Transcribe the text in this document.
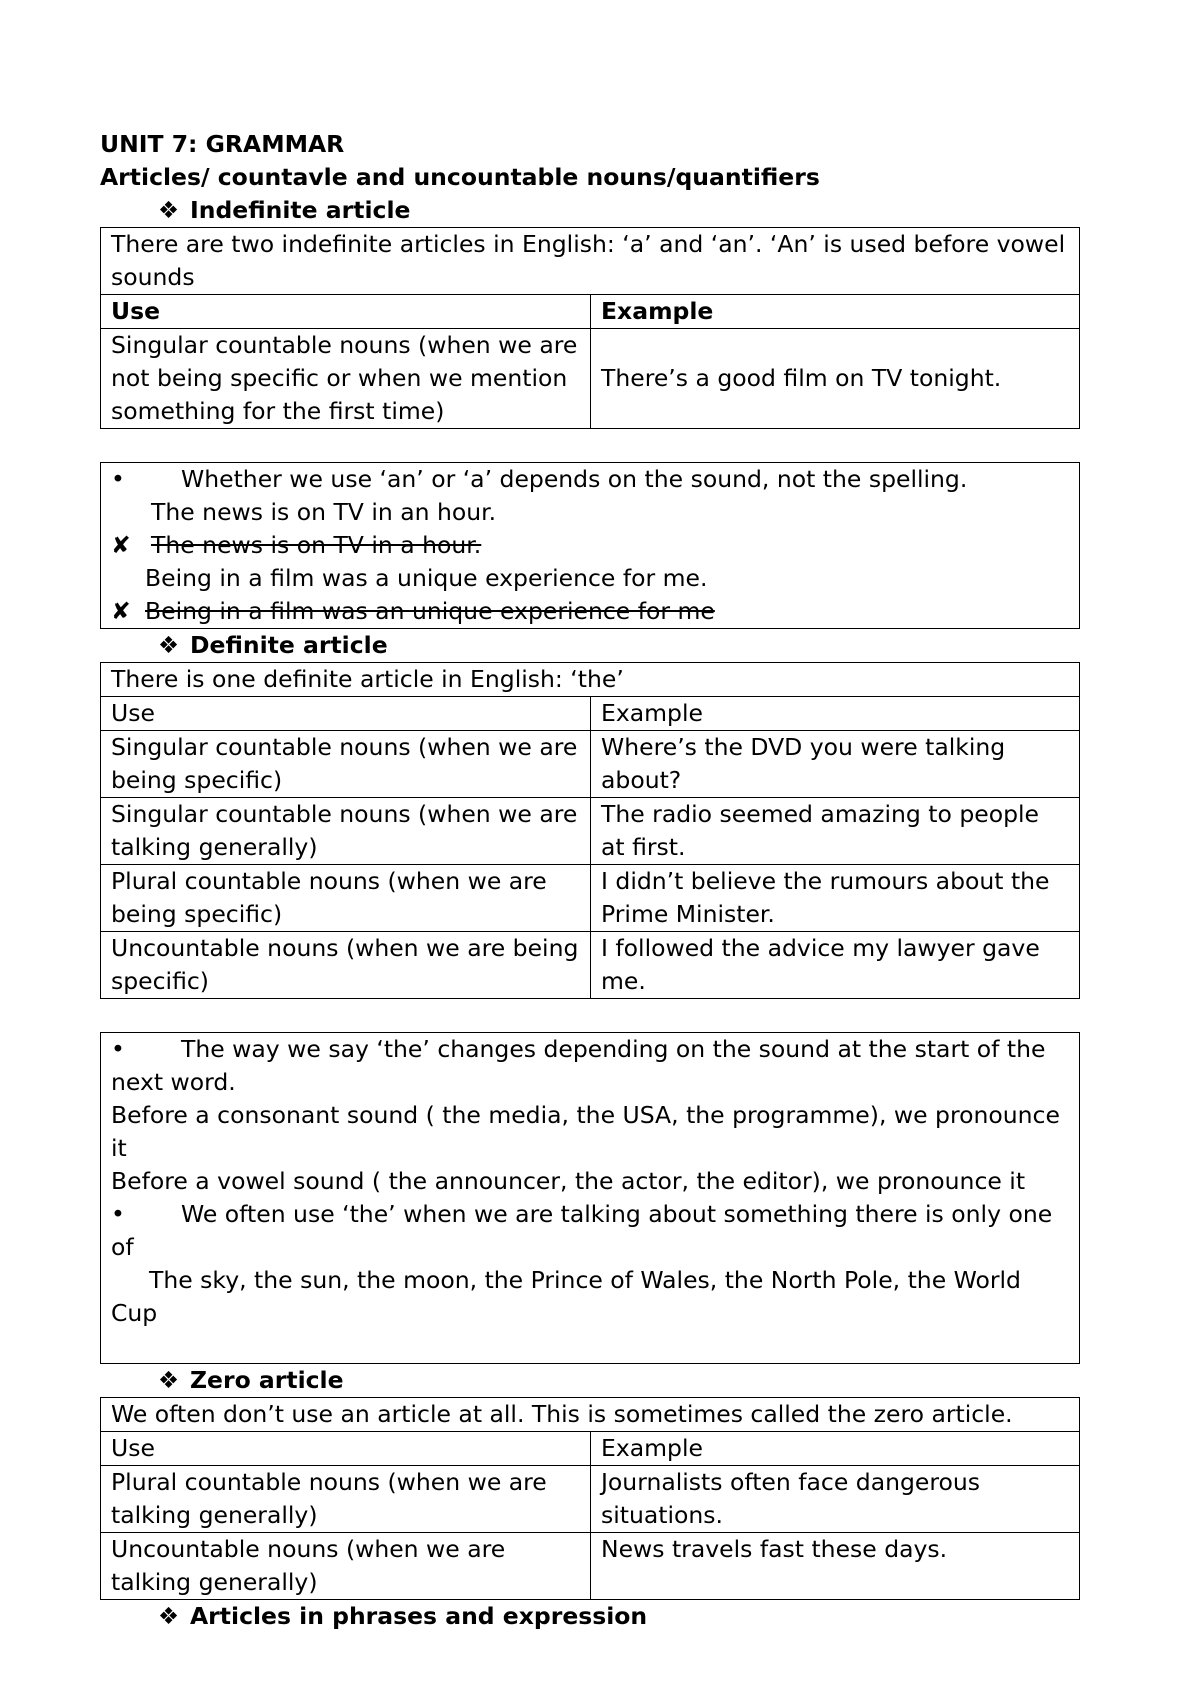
UNIT 7: GRAMMAR
Articles/ countavle and uncountable nouns/quantifiers
❖ Indefinite article
There are two indefinite articles in English: ‘a’ and ‘an’. ‘An’ is used before vowel sounds	
Use	Example
Singular countable nouns (when we are not being specific or when we mention something for the first time)	There’s a good film on TV tonight.
• Whether we use ‘an’ or ‘a’ depends on the sound, not the spelling.
The news is on TV in an hour.
✘ The news is on TV in a hour.
Being in a film was a unique experience for me.
✘ Being in a film was an unique experience for me
❖ Definite article
There is one definite article in English: ‘the’	
Use	Example
Singular countable nouns (when we are being specific)	Where’s the DVD you were talking about?
Singular countable nouns (when we are talking generally)	The radio seemed amazing to people at first.
Plural countable nouns (when we are being specific)	I didn’t believe the rumours about the Prime Minister.
Uncountable nouns (when we are being specific)	I followed the advice my lawyer gave me.
• The way we say ‘the’ changes depending on the sound at the start of the next word.
Before a consonant sound ( the media, the USA, the programme), we pronounce it
Before a vowel sound ( the announcer, the actor, the editor), we pronounce it
• We often use ‘the’ when we are talking about something there is only one of
The sky, the sun, the moon, the Prince of Wales, the North Pole, the World Cup
❖ Zero article
We often don’t use an article at all. This is sometimes called the zero article.	
Use	Example
Plural countable nouns (when we are talking generally)	Journalists often face dangerous situations.
Uncountable nouns (when we are talking generally)	News travels fast these days.
❖ Articles in phrases and expression
